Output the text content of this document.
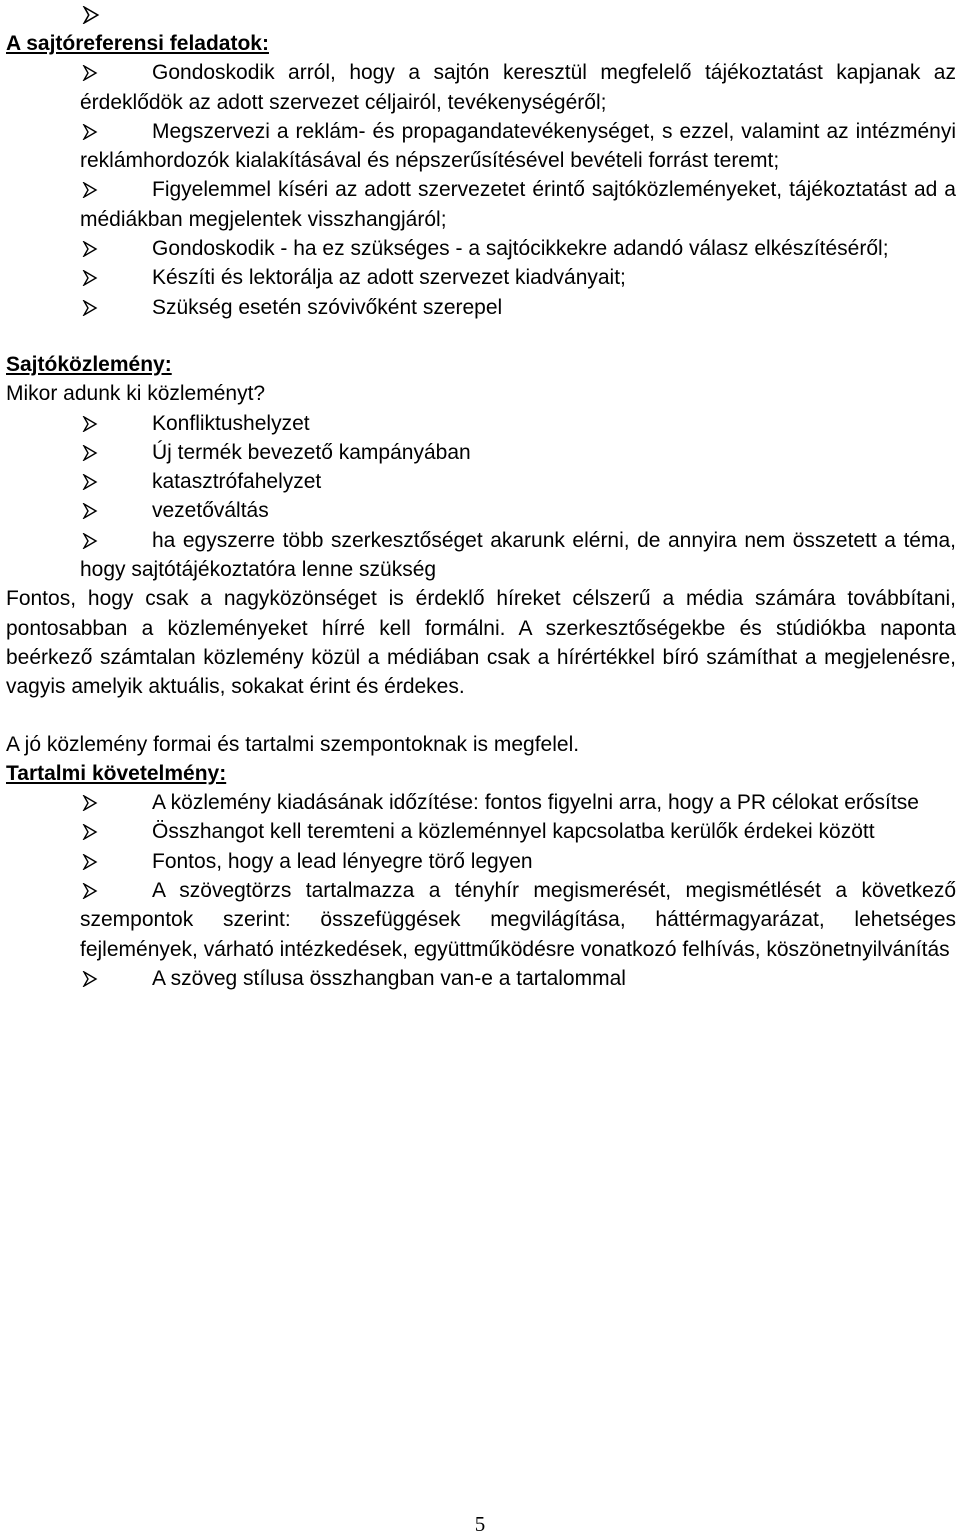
A sajtóreferensi feladatok:

Gondoskodik arról, hogy a sajtón keresztül megfelelő tájékoztatást kapjanak az érdeklődök az adott szervezet céljairól, tevékenységéről;

Megszervezi a reklám- és propagandatevékenységet, s ezzel, valamint az intézményi reklámhordozók kialakításával és népszerűsítésével bevételi forrást teremt;

Figyelemmel kíséri az adott szervezetet érintő sajtóközleményeket, tájékoztatást ad a médiákban megjelentek visszhangjáról;

Gondoskodik - ha ez szükséges - a sajtócikkekre adandó válasz elkészítéséről;

Készíti és lektorálja az adott szervezet kiadványait;

Szükség esetén szóvivőként szerepel

Sajtóközlemény:

Mikor adunk ki közleményt?

Konfliktushelyzet

Új termék bevezető kampányában

katasztrófahelyzet

vezetőváltás

ha egyszerre több szerkesztőséget akarunk elérni, de annyira nem összetett a téma, hogy sajtótájékoztatóra lenne szükség

Fontos, hogy csak a nagyközönséget is érdeklő híreket célszerű a média számára továbbítani, pontosabban a közleményeket hírré kell formálni. A szerkesztőségekbe és stúdiókba naponta beérkező számtalan közlemény közül a médiában csak a hírértékkel bíró számíthat a megjelenésre, vagyis amelyik aktuális, sokakat érint és érdekes.

A jó közlemény formai és tartalmi szempontoknak is megfelel.

Tartalmi követelmény:

A közlemény kiadásának időzítése: fontos figyelni arra, hogy a PR célokat erősítse

Összhangot kell teremteni a közleménnyel kapcsolatba kerülők érdekei között

Fontos, hogy a lead lényegre törő legyen

A szövegtörzs tartalmazza a tényhír megismerését, megismétlését a következő szempontok szerint: összefüggések megvilágítása, háttérmagyarázat, lehetséges fejlemények, várható intézkedések, együttműködésre vonatkozó felhívás, köszönetnyilvánítás

A szöveg stílusa összhangban van-e a tartalommal

5
